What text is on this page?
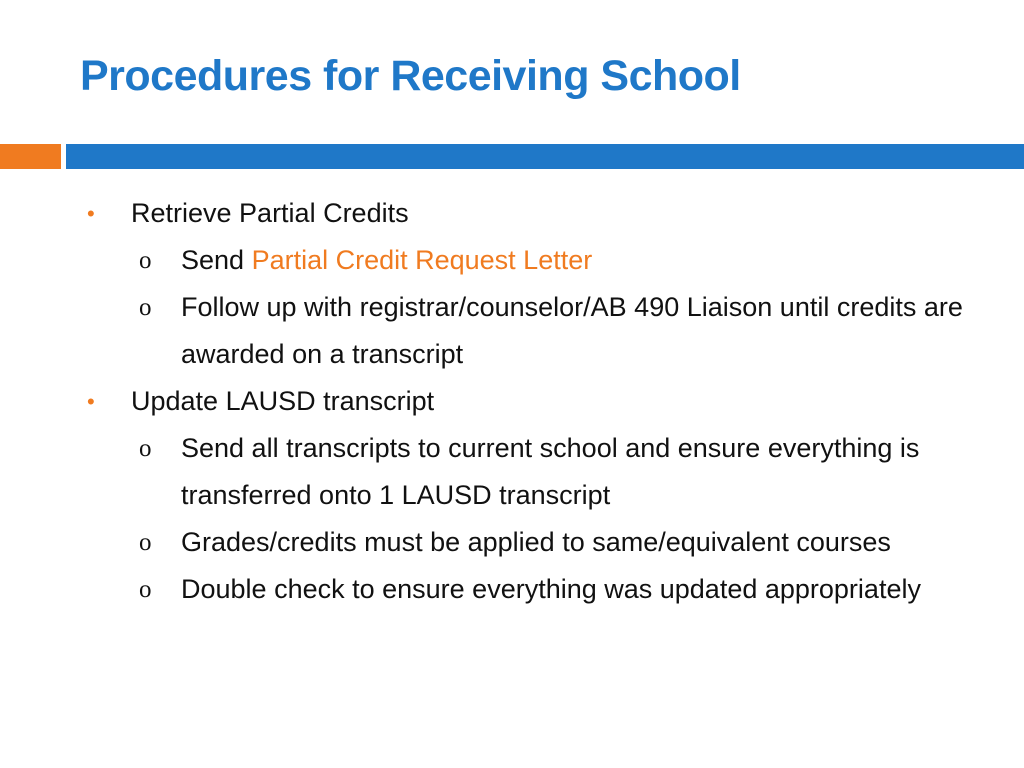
Procedures for Receiving School
• Retrieve Partial Credits
o Send Partial Credit Request Letter
o Follow up with registrar/counselor/AB 490 Liaison until credits are awarded on a transcript
• Update LAUSD transcript
o Send all transcripts to current school and ensure everything is transferred onto 1 LAUSD transcript
o Grades/credits must be applied to same/equivalent courses
o Double check to ensure everything was updated appropriately
